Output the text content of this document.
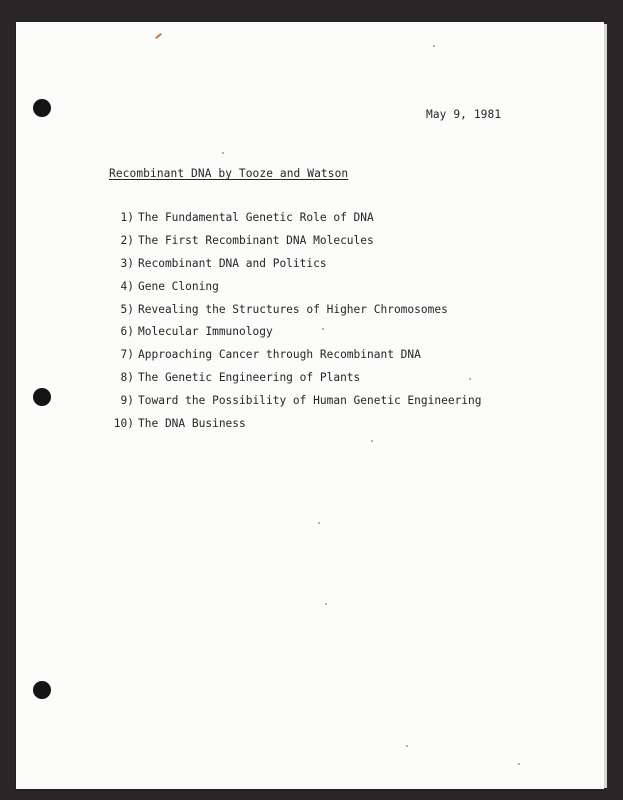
May 9, 1981
Recombinant DNA by Tooze and Watson
1) The Fundamental Genetic Role of DNA
2) The First Recombinant DNA Molecules
3) Recombinant DNA and Politics
4) Gene Cloning
5) Revealing the Structures of Higher Chromosomes
6) Molecular Immunology
7) Approaching Cancer through Recombinant DNA
8) The Genetic Engineering of Plants
9) Toward the Possibility of Human Genetic Engineering
10) The DNA Business
